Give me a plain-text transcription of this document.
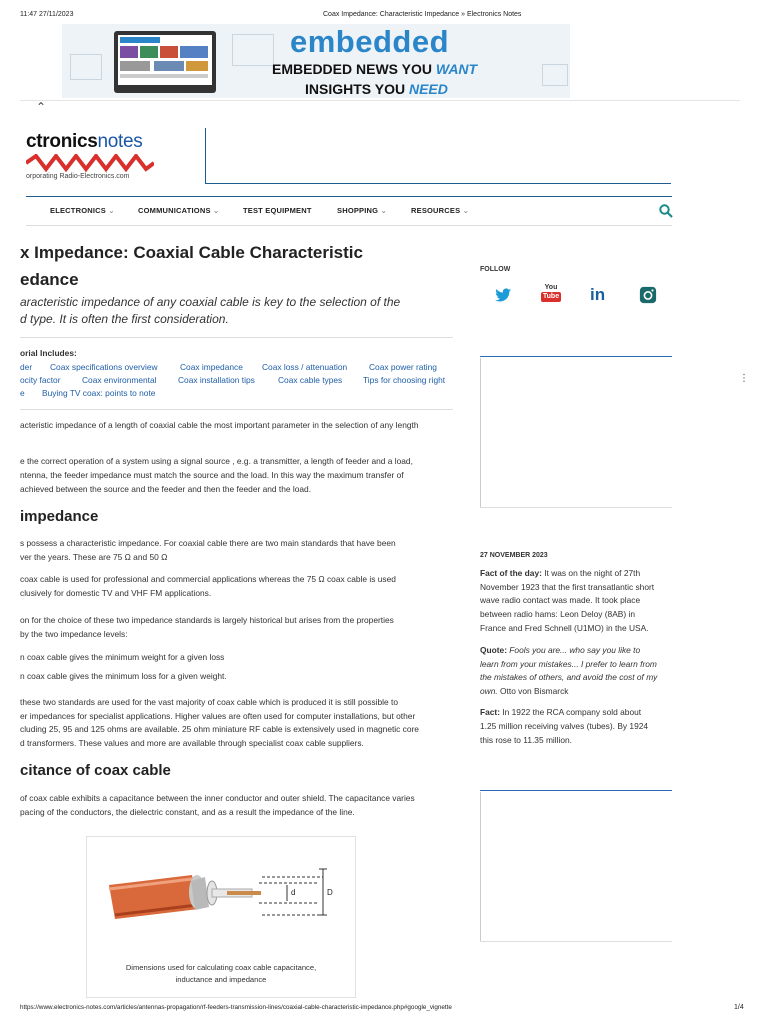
11:47 27/11/2023	Coax Impedance: Characteristic Impedance » Electronics Notes
embedded
EMBEDDED NEWS YOU WANT
INSIGHTS YOU NEED
⌃
ctronicsnotes
orporating Radio-Electronics.com
ELECTRONICS ⌄	COMMUNICATIONS ⌄	TEST EQUIPMENT	SHOPPING ⌄	RESOURCES ⌄
x Impedance: Coaxial Cable Characteristic
edance
aracteristic impedance of any coaxial cable is key to the selection of the
d type. It is often the first consideration.
orial Includes:
der Coax specifications overview	Coax impedance Coax loss / attenuation	Coax power rating
ocity factor	Coax environmental	Coax installation tips	Coax cable types Tips for choosing right
e Buying TV coax: points to note
acteristic impedance of a length of coaxial cable the most important parameter in the selection of any length
e the correct operation of a system using a signal source , e.g. a transmitter, a length of feeder and a load,
ntenna, the feeder impedance must match the source and the load. In this way the maximum transfer of
achieved between the source and the feeder and then the feeder and the load.
impedance
s possess a characteristic impedance. For coaxial cable there are two main standards that have been
ver the years. These are 75 Ω and 50 Ω
coax cable is used for professional and commercial applications whereas the 75 Ω coax cable is used
clusively for domestic TV and VHF FM applications.
on for the choice of these two impedance standards is largely historical but arises from the properties
by the two impedance levels:
n coax cable gives the minimum weight for a given loss
n coax cable gives the minimum loss for a given weight.
these two standards are used for the vast majority of coax cable which is produced it is still possible to
er impedances for specialist applications. Higher values are often used for computer installations, but other
cluding 25, 95 and 125 ohms are available. 25 ohm miniature RF cable is extensively used in magnetic core
d transformers. These values and more are available through specialist coax cable suppliers.
citance of coax cable
of coax cable exhibits a capacitance between the inner conductor and outer shield. The capacitance varies
pacing of the conductors, the dielectric constant, and as a result the impedance of the line.
d	D
Dimensions used for calculating coax cable capacitance,
inductance and impedance
FOLLOW
You
Tube in
27 NOVEMBER 2023
Fact of the day: It was on the night of 27th
November 1923 that the first transatlantic short
wave radio contact was made. It took place
between radio hams: Leon Deloy (8AB) in
France and Fred Schnell (U1MO) in the USA.
Quote: Fools you are... who say you like to
learn from your mistakes... I prefer to learn from
the mistakes of others, and avoid the cost of my
own. Otto von Bismarck
Fact: In 1922 the RCA company sold about
1.25 million receiving valves (tubes). By 1924
this rose to 11.35 million.
⋮
https://www.electronics-notes.com/articles/antennas-propagation/rf-feeders-transmission-lines/coaxial-cable-characteristic-impedance.php#google_vignette	1/4
